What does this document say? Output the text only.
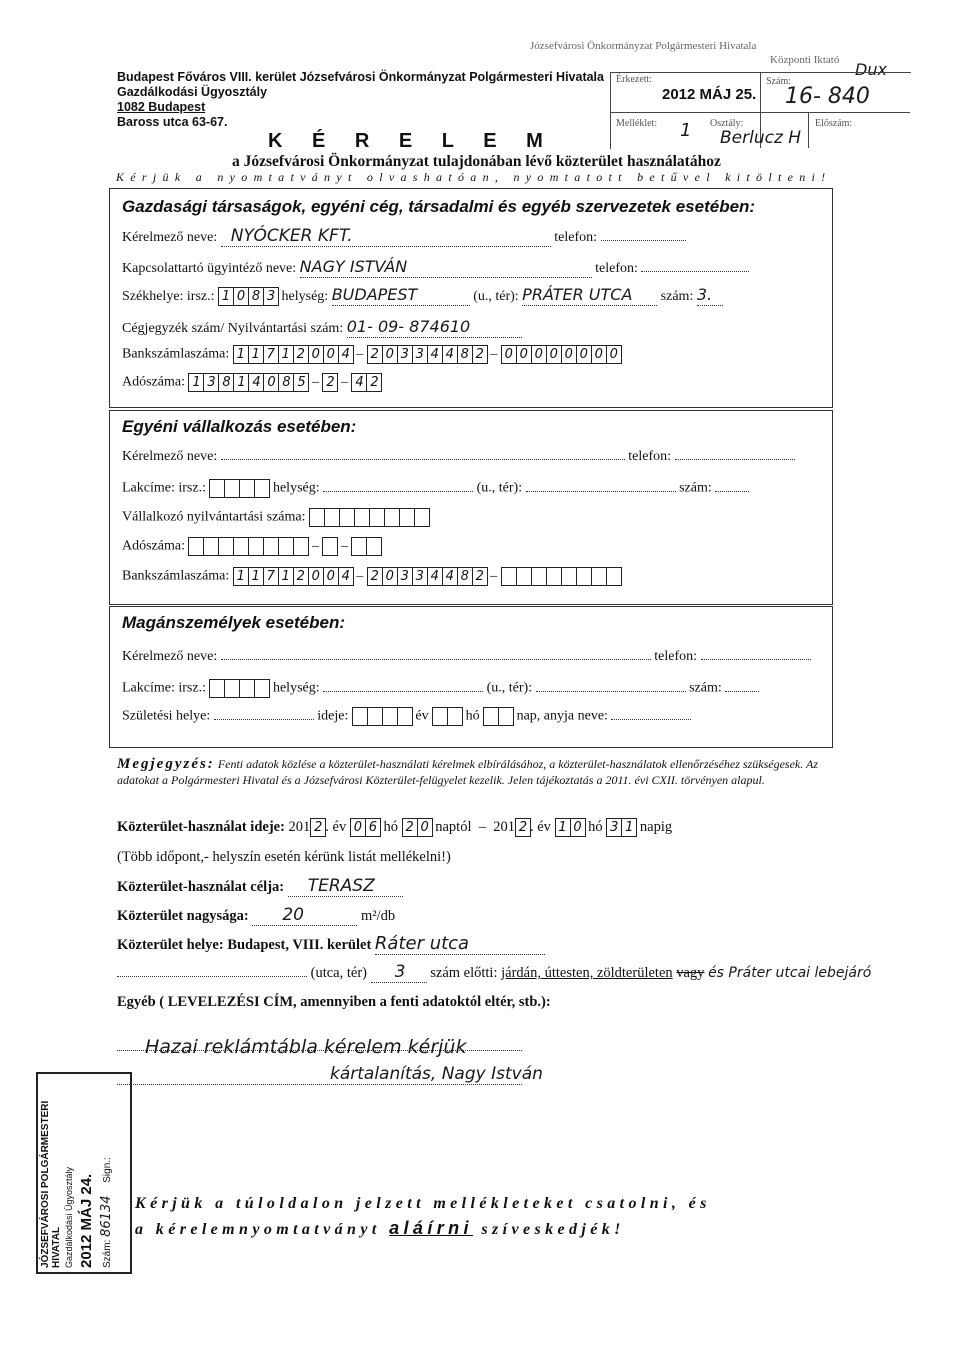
Budapest Főváros VIII. kerület Józsefvárosi Önkormányzat Polgármesteri Hivatala
Gazdálkodási Ügyosztály
1082 Budapest
Baross utca 63-67.
Józsefvárosi Önkormányzat Polgármesteri Hivatala
Központi Iktató Dux
Érkezett:
2012 MÁJ 25.
Szám:
16- 840
Melléklet: 1 Osztály:
Berlucz H
Előszám:
K É R E L E M
a Józsefvárosi Önkormányzat tulajdonában lévő közterület használatához
Kérjük a nyomtatványt olvashatóan, nyomtatott betűvel kitölteni!
Gazdasági társaságok, egyéni cég, társadalmi és egyéb szervezetek esetében:
Kérelmező neve: NYÓCKER KFT.	telefon:
Kapcsolattartó ügyintéző neve: NAGY ISTVÁN	telefon:
Székhelye: irsz.: 1 0 8 3 helység: BUDAPEST	(u., tér): PRÁTER UTCA szám: 3.
Cégjegyzék szám/ Nyilvántartási szám: 01- 09- 874610
Bankszámlaszáma: 1 1 7 1 2 0 0 4 – 2 0 3 3 4 4 8 2 – 0 0 0 0 0 0 0 0
Adószáma: 1 3 8 1 4 0 8 5 – 2 – 4 2
Egyéni vállalkozás esetében:
Kérelmező neve:	telefon:
Lakcíme: irsz.:	helység:	(u., tér):	szám:
Vállalkozó nyilvántartási száma:
Adószáma:	–  –
Bankszámlaszáma: 1 1 7 1 2 0 0 4 – 2 0 3 3 4 4 8 2 –
Magánszemélyek esetében:
Kérelmező neve:	telefon:
Lakcíme: irsz.:	helység:	(u., tér):	szám:
Születési helye:	ideje:	év	hó	nap, anyja neve:
Megjegyzés: Fenti adatok közlése a közterület-használati kérelmek elbírálásához, a közterület-használatok ellenőrzéséhez szükségesek. Az adatokat a Polgármesteri Hivatal és a Józsefvárosi Közterület-felügyelet kezelik. Jelen tájékoztatás a 2011. évi CXII. törvényen alapul.
Közterület-használat ideje: 201 2 . év 0 6 hó 2 0 naptól  –  201 2 . év 1 0 hó 3 1 napig
(Több időpont,- helyszín esetén kérünk listát mellékelni!)
Közterület-használat célja: TERASZ
Közterület nagysága: 20	m²/db
Közterület helye: Budapest, VIII. kerület Ráter utca
(utca, tér) 3 szám előtti: járdán, úttesten, zöldterületen vagy és Práter utcai lebejáró
Egyéb ( LEVELEZÉSI CÍM, amennyiben a fenti adatoktól eltér, stb.):
Hazai reklámtábla kérelem kérjük
kártalanítás, Nagy István
JÓZSEFVÁROSI POLGÁRMESTERI HIVATAL Gazdálkodási Ügyosztály 2012 MÁJ 24. Szám: 86134 Sign.:
Kérjük a túloldalon jelzett mellékleteket csatolni, és
a kérelemnyomtatványt aláírni szíveskedjék!
